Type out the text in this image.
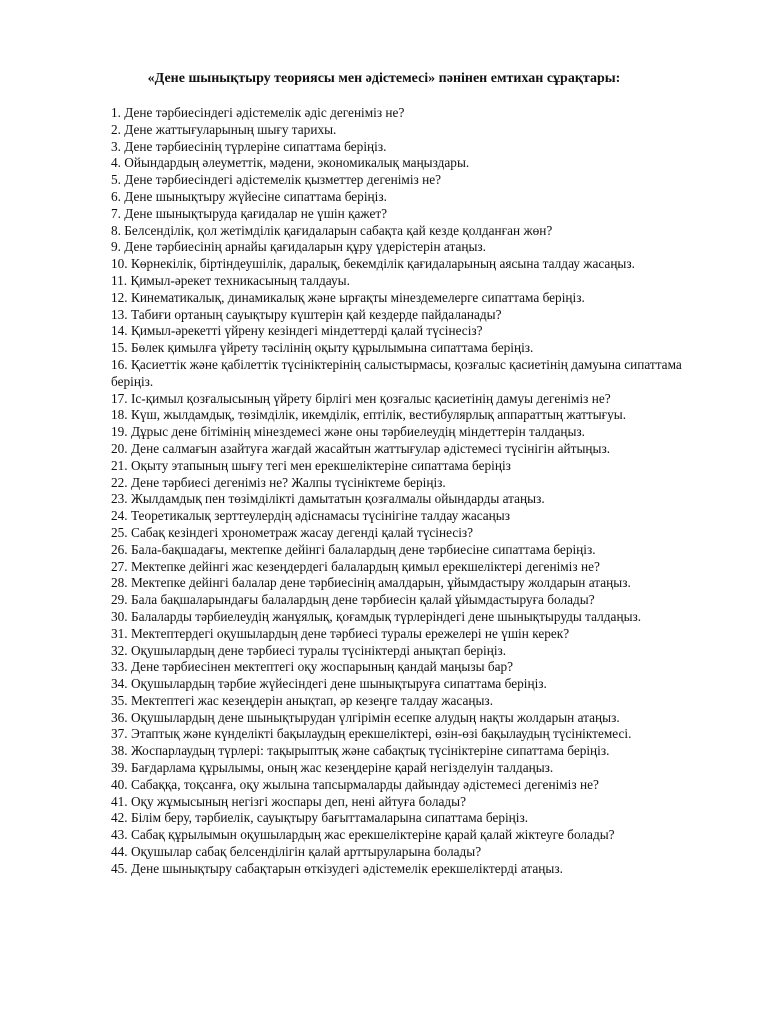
«Дене шынықтыру теориясы мен әдістемесі» пәнінен емтихан сұрақтары:
1. Дене тәрбиесіндегі әдістемелік әдіс дегеніміз не?
2. Дене жаттығуларының шығу тарихы.
3. Дене тәрбиесінің түрлеріне сипаттама беріңіз.
4. Ойындардың әлеуметтік, мәдени, экономикалық маңыздары.
5. Дене тәрбиесіндегі әдістемелік қызметтер дегеніміз не?
6. Дене шынықтыру жүйесіне сипаттама беріңіз.
7. Дене шынықтыруда қағидалар не үшін қажет?
8. Белсенділік, қол жетімділік қағидаларын сабақта қай кезде қолданған жөн?
9. Дене тәрбиесінің арнайы қағидаларын құру үдерістерін атаңыз.
10. Көрнекілік, біртіндеушілік, даралық, бекемділік қағидаларының аясына талдау жасаңыз.
11. Қимыл-әрекет техникасының талдауы.
12. Кинематикалық, динамикалық және ырғақты мінездемелерге сипаттама беріңіз.
13. Табиғи ортаның сауықтыру күштерін қай кездерде пайдаланады?
14. Қимыл-әрекетті үйрену кезіндегі міндеттерді қалай түсінесіз?
15. Бөлек қимылға үйрету тәсілінің оқыту құрылымына сипаттама беріңіз.
16. Қасиеттік және қабілеттік түсініктерінің салыстырмасы, қозғалыс қасиетінің дамуына сипаттама беріңіз.
17. Іс-қимыл қозғалысының үйрету бірлігі мен қозғалыс қасиетінің дамуы дегеніміз не?
18. Күш, жылдамдық, төзімділік, икемділік, ептілік, вестибулярлық аппараттың жаттығуы.
19. Дұрыс дене бітімінің мінездемесі және оны тәрбиелеудің міндеттерін талдаңыз.
20. Дене салмағын азайтуға жағдай жасайтын жаттығулар әдістемесі түсінігін айтыңыз.
21. Оқыту этапының шығу тегі мен ерекшеліктеріне сипаттама беріңіз
22. Дене тәрбиесі дегеніміз не? Жалпы түсініктеме беріңіз.
23. Жылдамдық пен төзімділікті дамытатын қозғалмалы ойындарды атаңыз.
24. Теоретикалық зерттеулердің әдіснамасы түсінігіне талдау жасаңыз
25. Сабақ кезіндегі хронометраж жасау дегенді қалай түсінесіз?
26. Бала-бақшадағы, мектепке дейінгі балалардың дене тәрбиесіне сипаттама беріңіз.
27. Мектепке дейінгі жас кезеңдердегі балалардың қимыл ерекшеліктері дегеніміз не?
28. Мектепке дейінгі балалар дене тәрбиесінің амалдарын, ұйымдастыру жолдарын атаңыз.
29. Бала бақшаларындағы балалардың дене тәрбиесін қалай ұйымдастыруға болады?
30. Балаларды тәрбиелеудің жанұялық, қоғамдық түрлеріндегі дене шынықтыруды талдаңыз.
31. Мектептердегі оқушылардың дене тәрбиесі туралы ережелері не үшін керек?
32. Оқушылардың дене тәрбиесі туралы түсініктерді анықтап беріңіз.
33. Дене тәрбиесінен мектептегі оқу жоспарының қандай маңызы бар?
34. Оқушылардың тәрбие жүйесіндегі дене шынықтыруға сипаттама беріңіз.
35. Мектептегі жас кезеңдерін анықтап, әр кезеңге талдау жасаңыз.
36. Оқушылардың дене шынықтырудан үлгірімін есепке алудың нақты жолдарын атаңыз.
37. Этаптық және күнделікті бақылаудың ерекшеліктері, өзін-өзі бақылаудың түсініктемесі.
38. Жоспарлаудың түрлері: тақырыптық және сабақтық түсініктеріне сипаттама беріңіз.
39. Бағдарлама құрылымы, оның жас кезеңдеріне қарай негізделуін талдаңыз.
40. Сабаққа, тоқсанға, оқу жылына тапсырмаларды дайындау әдістемесі дегеніміз не?
41. Оқу жұмысының негізгі жоспары деп, нені айтуға болады?
42. Білім беру, тәрбиелік, сауықтыру бағыттамаларына сипаттама беріңіз.
43. Сабақ құрылымын оқушылардың жас ерекшеліктеріне қарай қалай жіктеуге болады?
44. Оқушылар сабақ белсенділігін қалай арттыруларына болады?
45. Дене шынықтыру сабақтарын өткізудегі әдістемелік ерекшеліктерді атаңыз.
